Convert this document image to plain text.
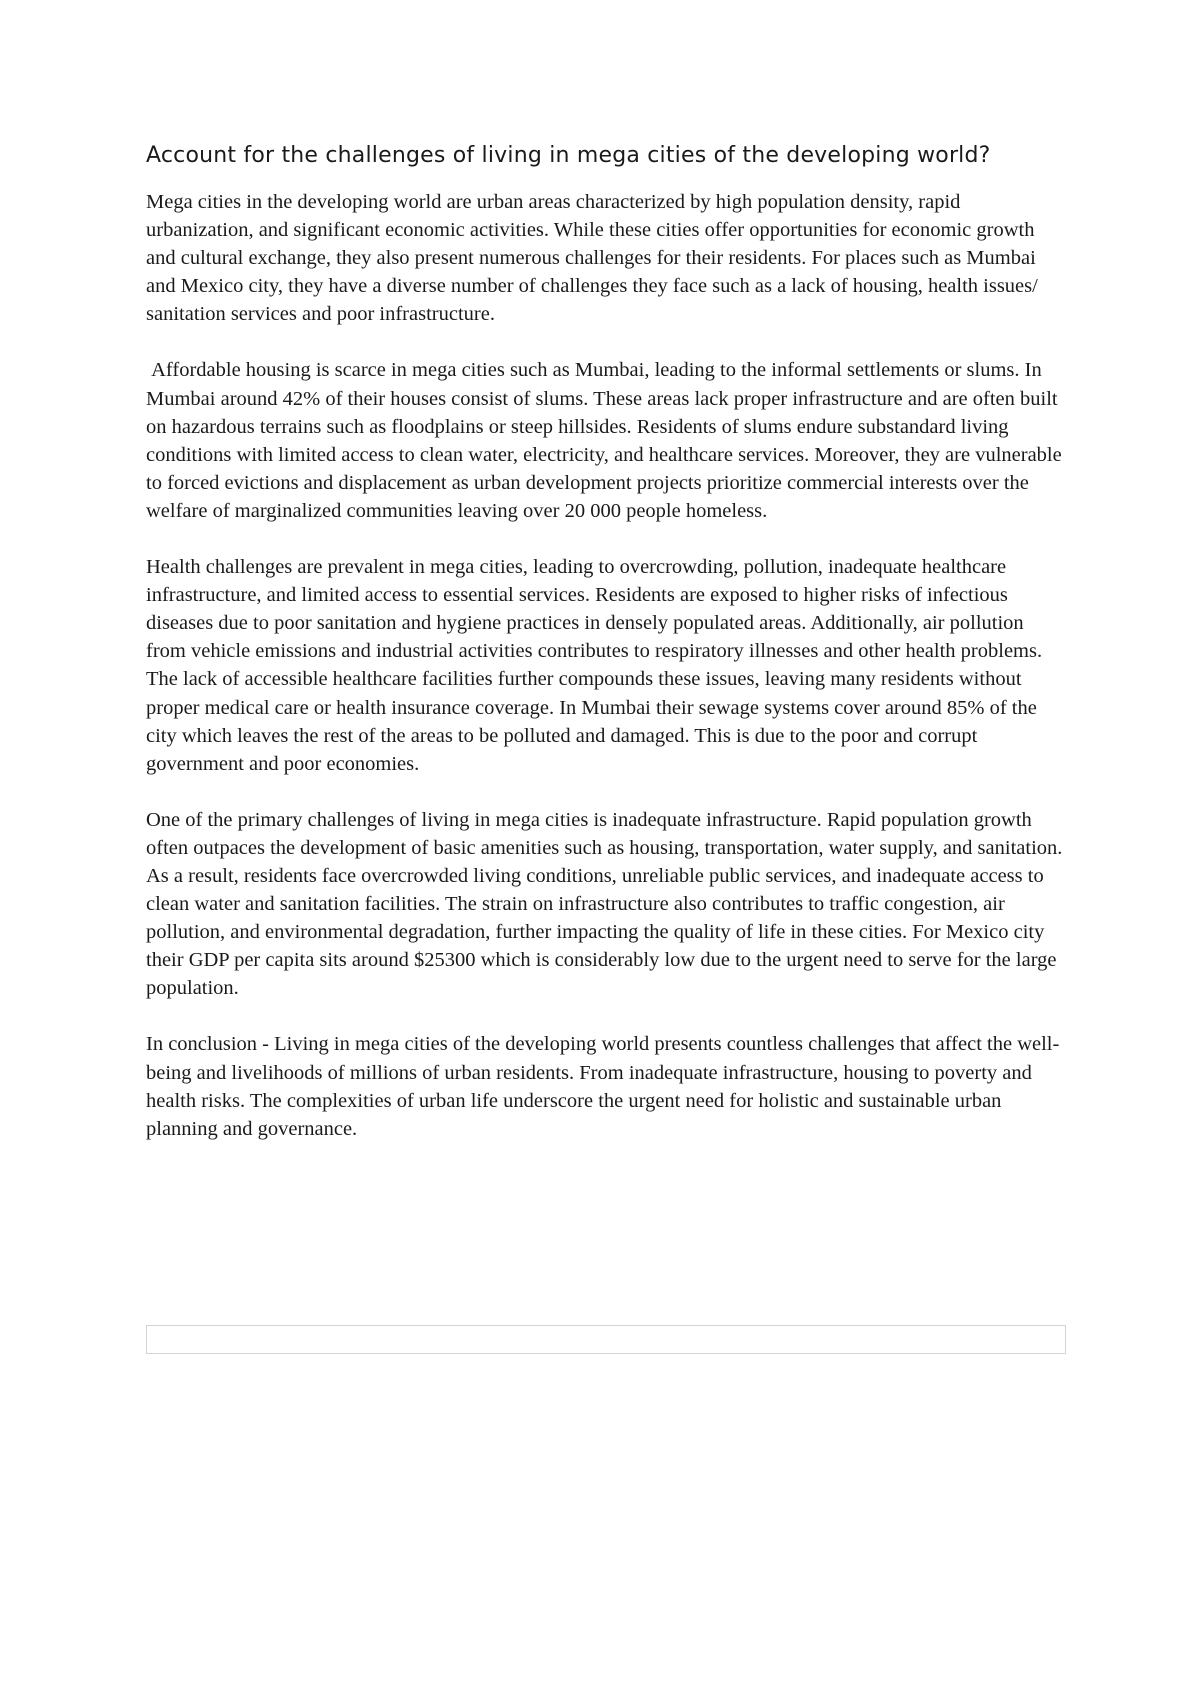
Account for the challenges of living in mega cities of the developing world?

Mega cities in the developing world are urban areas characterized by high population density, rapid urbanization, and significant economic activities. While these cities offer opportunities for economic growth and cultural exchange, they also present numerous challenges for their residents. For places such as Mumbai and Mexico city, they have a diverse number of challenges they face such as a lack of housing, health issues/ sanitation services and poor infrastructure.

Affordable housing is scarce in mega cities such as Mumbai, leading to the informal settlements or slums. In Mumbai around 42% of their houses consist of slums. These areas lack proper infrastructure and are often built on hazardous terrains such as floodplains or steep hillsides. Residents of slums endure substandard living conditions with limited access to clean water, electricity, and healthcare services. Moreover, they are vulnerable to forced evictions and displacement as urban development projects prioritize commercial interests over the welfare of marginalized communities leaving over 20 000 people homeless.

Health challenges are prevalent in mega cities, leading to overcrowding, pollution, inadequate healthcare infrastructure, and limited access to essential services. Residents are exposed to higher risks of infectious diseases due to poor sanitation and hygiene practices in densely populated areas. Additionally, air pollution from vehicle emissions and industrial activities contributes to respiratory illnesses and other health problems. The lack of accessible healthcare facilities further compounds these issues, leaving many residents without proper medical care or health insurance coverage. In Mumbai their sewage systems cover around 85% of the city which leaves the rest of the areas to be polluted and damaged. This is due to the poor and corrupt government and poor economies.

One of the primary challenges of living in mega cities is inadequate infrastructure. Rapid population growth often outpaces the development of basic amenities such as housing, transportation, water supply, and sanitation. As a result, residents face overcrowded living conditions, unreliable public services, and inadequate access to clean water and sanitation facilities. The strain on infrastructure also contributes to traffic congestion, air pollution, and environmental degradation, further impacting the quality of life in these cities. For Mexico city their GDP per capita sits around $25300 which is considerably low due to the urgent need to serve for the large population.

In conclusion - Living in mega cities of the developing world presents countless challenges that affect the well-being and livelihoods of millions of urban residents. From inadequate infrastructure, housing to poverty and health risks. The complexities of urban life underscore the urgent need for holistic and sustainable urban planning and governance.
